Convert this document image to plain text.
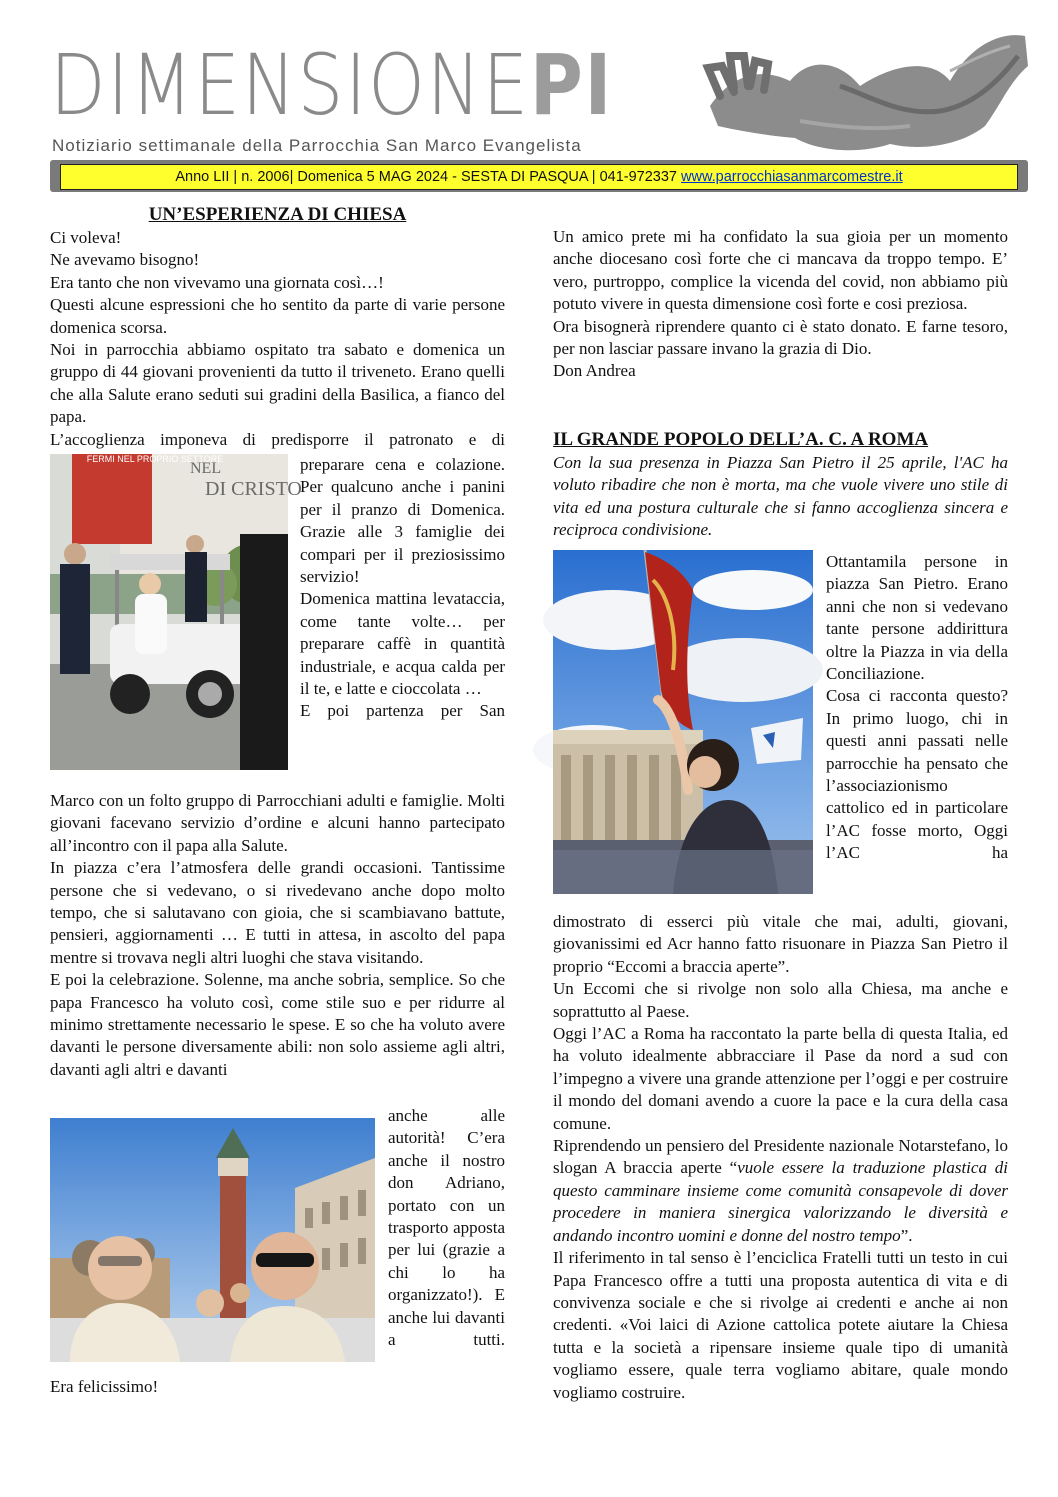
DIMENSIONEPI
Notiziario settimanale della Parrocchia San Marco Evangelista
Anno LII | n. 2006| Domenica 5 MAG 2024 - SESTA DI PASQUA | 041-972337 www.parrocchiasanmarcomestre.it
UN’ESPERIENZA DI CHIESA

Ci voleva!

Ne avevamo bisogno!

Era tanto che non vivevamo una giornata così…!

Questi alcune espressioni che ho sentito da parte di varie persone domenica scorsa.

Noi in parrocchia abbiamo ospitato tra sabato e domenica un gruppo di 44 giovani provenienti da tutto il triveneto. Erano quelli che alla Salute erano seduti sui gradini della Basilica, a fianco del papa.

L’accoglienza imponeva di predisporre il patronato e di

FERMI NEL PROPRIO SETTORE
NEL
DI CRISTO

preparare cena e colazione. Per qualcuno anche i panini per il pranzo di Domenica. Grazie alle 3 famiglie dei compari per il preziosissimo servizio!

Domenica mattina levataccia, come tante volte… per preparare caffè in quantità industriale, e acqua calda per il te, e latte e cioccolata …

E poi partenza per San

Marco con un folto gruppo di Parrocchiani adulti e famiglie. Molti giovani facevano servizio d’ordine e alcuni hanno partecipato all’incontro con il papa alla Salute.

In piazza c’era l’atmosfera delle grandi occasioni. Tantissime persone che si vedevano, o si rivedevano anche dopo molto tempo, che si salutavano con gioia, che si scambiavano battute, pensieri, aggiornamenti … E tutti in attesa, in ascolto del papa mentre si trovava negli altri luoghi che stava visitando.

E poi la celebrazione. Solenne, ma anche sobria, semplice. So che papa Francesco ha voluto così, come stile suo e per ridurre al minimo strettamente necessario le spese. E so che ha voluto avere davanti le persone diversamente abili: non solo assieme agli altri, davanti agli altri e davanti

anche alle autorità! C’era anche il nostro don Adriano, portato con un trasporto apposta per lui (grazie a chi lo ha organizzato!). E anche lui davanti a tutti.

Era felicissimo!

Un amico prete mi ha confidato la sua gioia per un momento anche diocesano così forte che ci mancava da troppo tempo. E’ vero, purtroppo, complice la vicenda del covid, non abbiamo più potuto vivere in questa dimensione così forte e cosi preziosa.

Ora bisognerà riprendere quanto ci è stato donato. E farne tesoro, per non lasciar passare invano la grazia di Dio.

Don Andrea

IL GRANDE POPOLO DELL’A. C. A ROMA

Con la sua presenza in Piazza San Pietro il 25 aprile, l'AC ha voluto ribadire che non è morta, ma che vuole vivere uno stile di vita ed una postura culturale che si fanno accoglienza sincera e reciproca condivisione.

Ottantamila persone in piazza San Pietro. Erano anni che non si vedevano tante persone addirittura oltre la Piazza in via della Conciliazione.

Cosa ci racconta questo? In primo luogo, chi in questi anni passati nelle parrocchie ha pensato che l’associazionismo cattolico ed in particolare l’AC fosse morto, Oggi l’AC ha

dimostrato di esserci più vitale che mai, adulti, giovani, giovanissimi ed Acr hanno fatto risuonare in Piazza San Pietro il proprio “Eccomi a braccia aperte”.

Un Eccomi che si rivolge non solo alla Chiesa, ma anche e soprattutto al Paese.

Oggi l’AC a Roma ha raccontato la parte bella di questa Italia, ed ha voluto idealmente abbracciare il Pase da nord a sud con l’impegno a vivere una grande attenzione per l’oggi e per costruire il mondo del domani avendo a cuore la pace e la cura della casa comune.

Riprendendo un pensiero del Presidente nazionale Notarstefano, lo slogan A braccia aperte “vuole essere la traduzione plastica di questo camminare insieme come comunità consapevole di dover procedere in maniera sinergica valorizzando le diversità e andando incontro uomini e donne del nostro tempo”.

Il riferimento in tal senso è l’enciclica Fratelli tutti un testo in cui Papa Francesco offre a tutti una proposta autentica di vita e di convivenza sociale e che si rivolge ai credenti e anche ai non credenti. «Voi laici di Azione cattolica potete aiutare la Chiesa tutta e la società a ripensare insieme quale tipo di umanità vogliamo essere, quale terra vogliamo abitare, quale mondo vogliamo costruire.
